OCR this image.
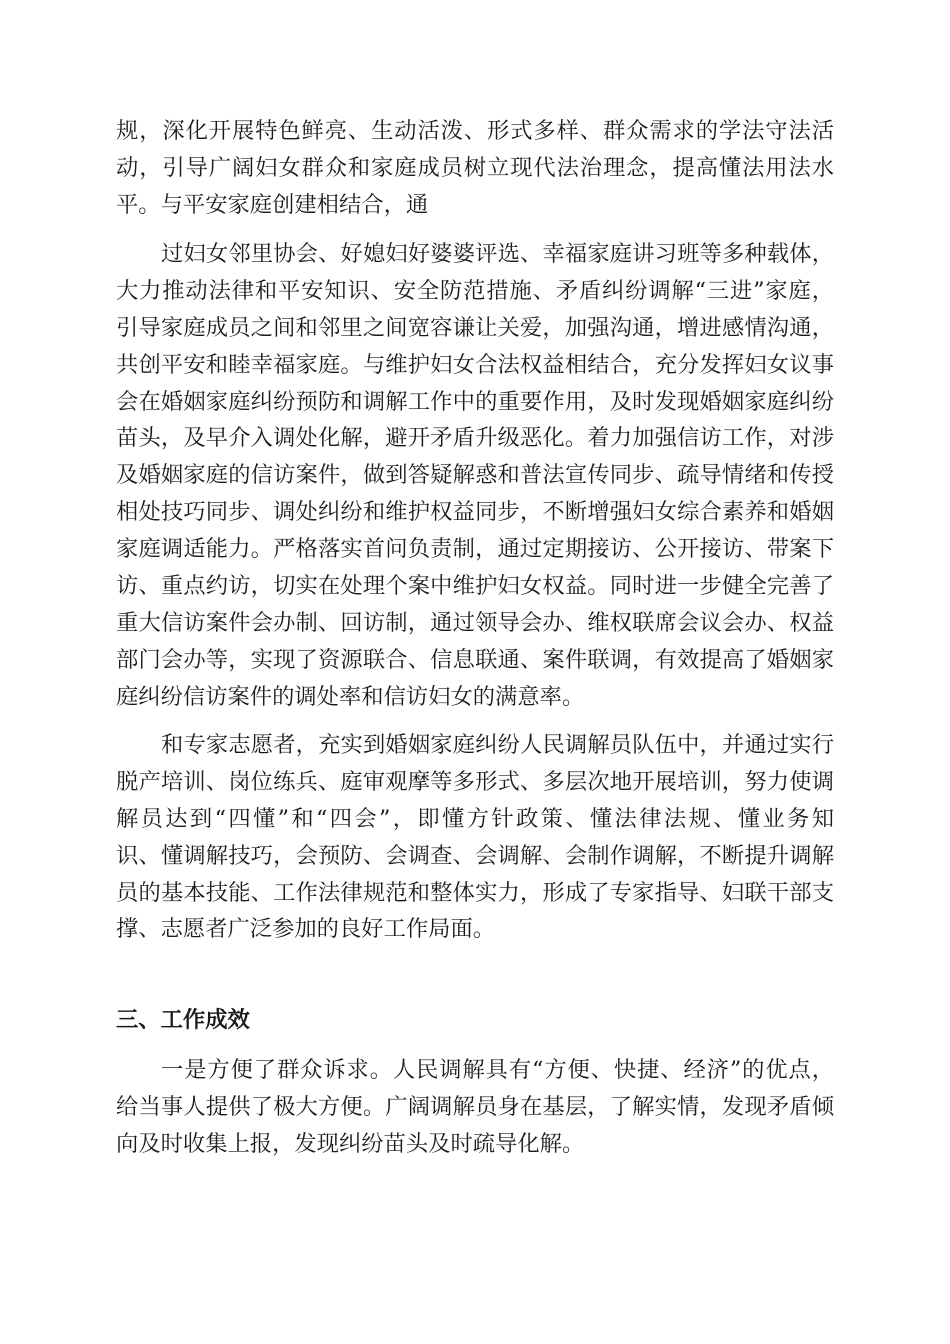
规，深化开展特色鲜亮、生动活泼、形式多样、群众需求的学法守法活
动，引导广阔妇女群众和家庭成员树立现代法治理念，提高懂法用法水
平。与平安家庭创建相结合，通
过妇女邻里协会、好媳妇好婆婆评选、幸福家庭讲习班等多种载体，
大力推动法律和平安知识、安全防范措施、矛盾纠纷调解“三进”家庭，
引导家庭成员之间和邻里之间宽容谦让关爱，加强沟通，增进感情沟通，
共创平安和睦幸福家庭。与维护妇女合法权益相结合，充分发挥妇女议事
会在婚姻家庭纠纷预防和调解工作中的重要作用，及时发现婚姻家庭纠纷
苗头，及早介入调处化解，避开矛盾升级恶化。着力加强信访工作，对涉
及婚姻家庭的信访案件，做到答疑解惑和普法宣传同步、疏导情绪和传授
相处技巧同步、调处纠纷和维护权益同步，不断增强妇女综合素养和婚姻
家庭调适能力。严格落实首问负责制，通过定期接访、公开接访、带案下
访、重点约访，切实在处理个案中维护妇女权益。同时进一步健全完善了
重大信访案件会办制、回访制，通过领导会办、维权联席会议会办、权益
部门会办等，实现了资源联合、信息联通、案件联调，有效提高了婚姻家
庭纠纷信访案件的调处率和信访妇女的满意率。
和专家志愿者，充实到婚姻家庭纠纷人民调解员队伍中，并通过实行
脱产培训、岗位练兵、庭审观摩等多形式、多层次地开展培训，努力使调
解员达到“四懂”和“四会”，即懂方针政策、懂法律法规、懂业务知
识、懂调解技巧，会预防、会调查、会调解、会制作调解，不断提升调解
员的基本技能、工作法律规范和整体实力，形成了专家指导、妇联干部支
撑、志愿者广泛参加的良好工作局面。
三、工作成效
一是方便了群众诉求。人民调解具有“方便、快捷、经济”的优点，
给当事人提供了极大方便。广阔调解员身在基层，了解实情，发现矛盾倾
向及时收集上报，发现纠纷苗头及时疏导化解。
